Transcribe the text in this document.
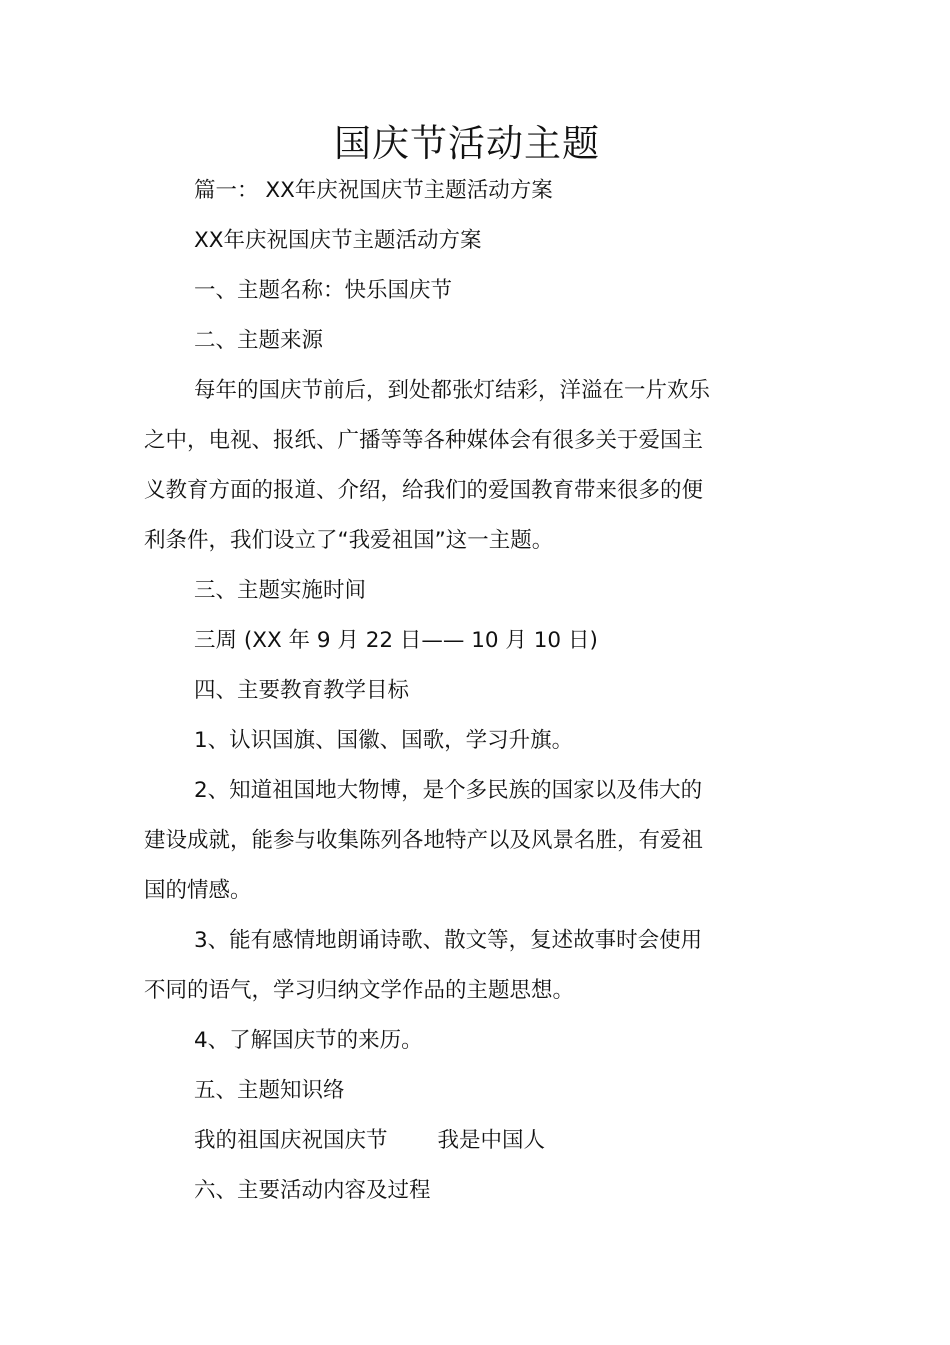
国庆节活动主题
篇一： XX年庆祝国庆节主题活动方案
XX年庆祝国庆节主题活动方案
一、主题名称：快乐国庆节
二、主题来源
每年的国庆节前后，到处都张灯结彩，洋溢在一片欢乐
之中，电视、报纸、广播等等各种媒体会有很多关于爱国主
义教育方面的报道、介绍，给我们的爱国教育带来很多的便
利条件，我们设立了“我爱祖国”这一主题。
三、主题实施时间
三周 (XX 年 9 月 22 日—— 10 月 10 日)
四、主要教育教学目标
1、认识国旗、国徽、国歌，学习升旗。
2、知道祖国地大物博，是个多民族的国家以及伟大的
建设成就，能参与收集陈列各地特产以及风景名胜，有爱祖
国的情感。
3、能有感情地朗诵诗歌、散文等，复述故事时会使用
不同的语气，学习归纳文学作品的主题思想。
4、了解国庆节的来历。
五、主题知识络
我的祖国庆祝国庆节 我是中国人
六、主要活动内容及过程
